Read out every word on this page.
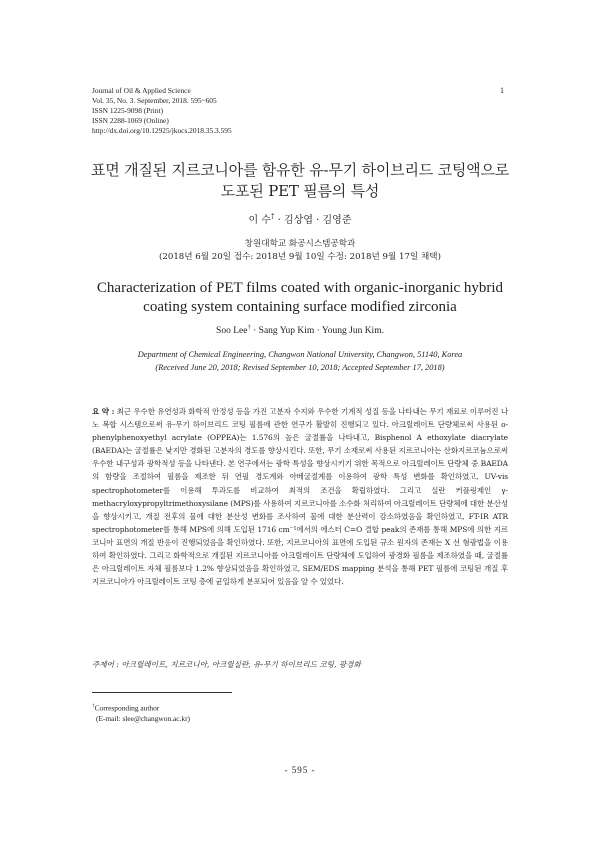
Journal of Oil & Applied Science
Vol. 35, No. 3. September, 2018. 595~605
ISSN 1225-9098 (Print)
ISSN 2288-1069 (Online)
http://dx.doi.org/10.12925/jkocs.2018.35.3.595
1
표면 개질된 지르코니아를 함유한 유-무기 하이브리드 코팅액으로
도포된 PET 필름의 특성
이 수† · 김상엽 · 김영준
창원대학교 화공시스템공학과
(2018년 6월 20일 접수: 2018년 9월 10일 수정: 2018년 9월 17일 채택)
Characterization of PET films coated with organic-inorganic hybrid
coating system containing surface modified zirconia
Soo Lee† · Sang Yup Kim · Young Jun Kim.
Department of Chemical Engineering, Changwon National University, Changwon, 51140, Korea
(Received June 20, 2018; Revised September 10, 2018; Accepted September 17, 2018)
요 약 : 최근 우수한 유연성과 화학적 안정성 등을 가진 고분자 수지와 우수한 기계적 성질 등을 나타내는 무기 재료로 이루어진 나노 복합 시스템으로써 유-무기 하이브리드 코팅 필름에 관한 연구가 활발히 진행되고 있다. 아크릴레이트 단량체로써 사용된 o-phenylphenoxyethyl acrylate (OPPEA)는 1.576의 높은 굴절률을 나타내고, Bisphenol A ethoxylate diacrylate (BAEDA)는 굴절률은 낮지만 경화된 고분자의 경도를 향상시킨다. 또한, 무기 소재로써 사용된 지르코니아는 산화지르코늄으로써 우수한 내구성과 광학적성 등을 나타낸다. 본 연구에서는 광학 특성을 향상시키기 위한 목적으로 아크릴레이트 단량체 중 BAEDA의 함량을 조절하여 필름을 제조한 뒤 연필 경도계와 아베굴절계를 이용하여 광학 특성 변화를 확인하였고, UV-vis spectrophotometer를 이용해 투과도를 비교하여 최적의 조건을 확립하였다. 그리고 실란 커플링제인 γ-methacryloxypropyltrimethoxysilane (MPS)를 사용하여 지르코니아를 소수화 처리하여 아크릴레이트 단량체에 대한 분산성을 향상시키고, 개질 전후의 물에 대한 분산성 변화를 조사하여 물에 대한 분산력이 감소하였음을 확인하였고, FT-IR ATR spectrophotometer를 통해 MPS에 의해 도입된 1716 cm⁻¹에서의 에스터 C=O 결합 peak의 존재를 통해 MPS에 의한 지르코니아 표면의 개질 반응이 진행되었음을 확인하였다. 또한, 지르코니아의 표면에 도입된 규소 원자의 존재는 X 선 형광법을 이용하여 확인하였다. 그리고 화학적으로 개질된 지르코니아를 아크릴레이트 단량체에 도입하여 광경화 필름을 제조하였을 때, 굴절률은 아크릴레이트 자체 필름보다 1.2% 향상되었음을 확인하였고, SEM/EDS mapping 분석을 통해 PET 필름에 코팅된 개질 후 지르코니아가 아크릴레이트 코팅 층에 균일하게 분포되어 있음을 알 수 있었다.
주제어 : 아크릴레이트, 지르코니아, 아크릴실란, 유-무기 하이브리드 코팅, 광경화
†Corresponding author
(E-mail: slee@changwon.ac.kr)
- 595 -
